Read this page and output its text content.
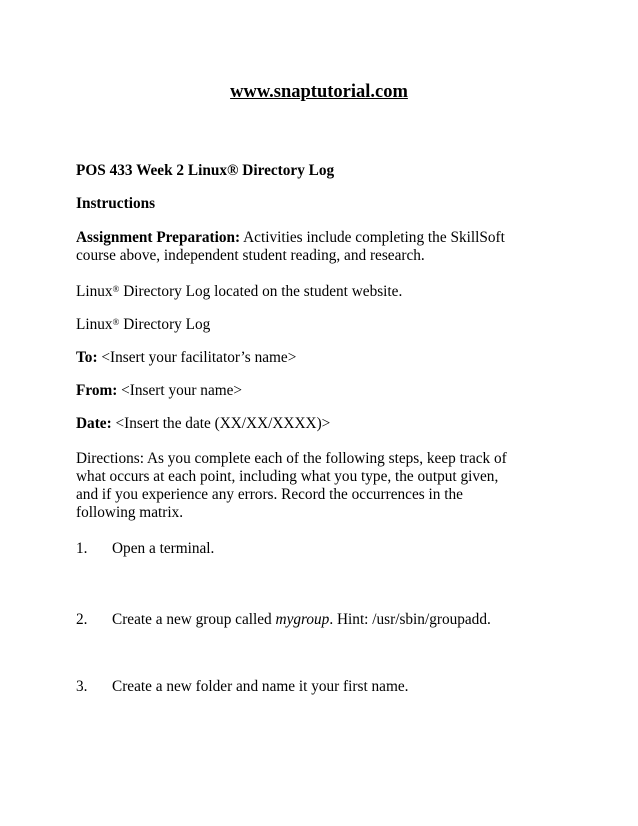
www.snaptutorial.com
POS 433 Week 2 Linux® Directory Log
Instructions
Assignment Preparation: Activities include completing the SkillSoft
course above, independent student reading, and research.
Linux® Directory Log located on the student website.
Linux® Directory Log
To: <Insert your facilitator’s name>
From: <Insert your name>
Date: <Insert the date (XX/XX/XXXX)>
Directions: As you complete each of the following steps, keep track of
what occurs at each point, including what you type, the output given,
and if you experience any errors. Record the occurrences in the
following matrix.
1. Open a terminal.
2. Create a new group called mygroup. Hint: /usr/sbin/groupadd.
3. Create a new folder and name it your first name.
